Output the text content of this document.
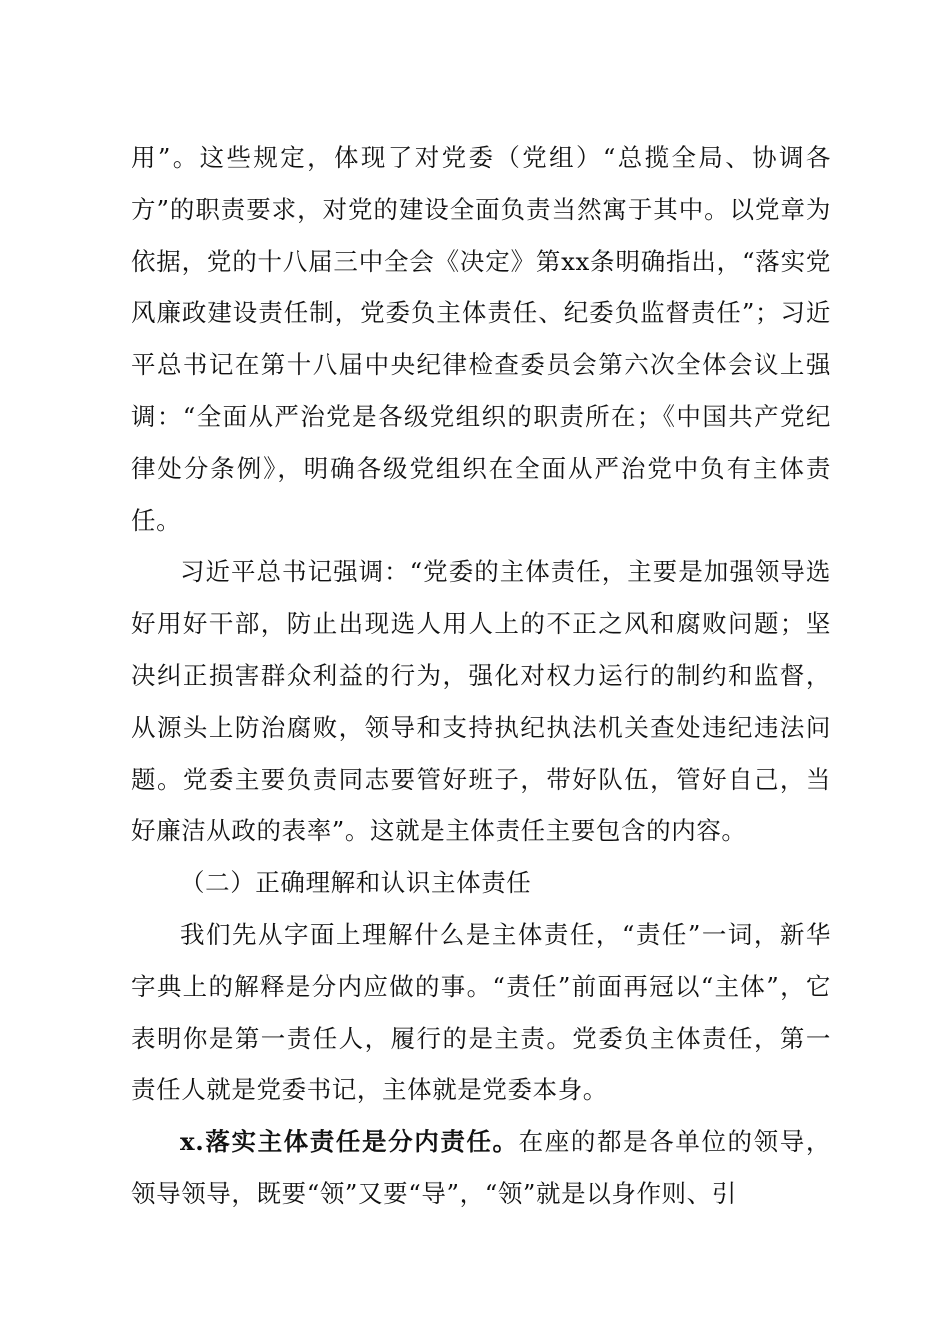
用”。这些规定，体现了对党委（党组）“总揽全局、协调各方”的职责要求，对党的建设全面负责当然寓于其中。以党章为依据，党的十八届三中全会《决定》第xx条明确指出，“落实党风廉政建设责任制，党委负主体责任、纪委负监督责任”；习近平总书记在第十八届中央纪律检查委员会第六次全体会议上强调：“全面从严治党是各级党组织的职责所在；《中国共产党纪律处分条例》，明确各级党组织在全面从严治党中负有主体责任。

习近平总书记强调：“党委的主体责任，主要是加强领导选好用好干部，防止出现选人用人上的不正之风和腐败问题；坚决纠正损害群众利益的行为，强化对权力运行的制约和监督，从源头上防治腐败，领导和支持执纪执法机关查处违纪违法问题。党委主要负责同志要管好班子，带好队伍，管好自己，当好廉洁从政的表率”。这就是主体责任主要包含的内容。

（二）正确理解和认识主体责任

我们先从字面上理解什么是主体责任，“责任”一词，新华字典上的解释是分内应做的事。“责任”前面再冠以“主体”，它表明你是第一责任人，履行的是主责。党委负主体责任，第一责任人就是党委书记，主体就是党委本身。

x.落实主体责任是分内责任。在座的都是各单位的领导，领导领导，既要“领”又要“导”，“领”就是以身作则、引
